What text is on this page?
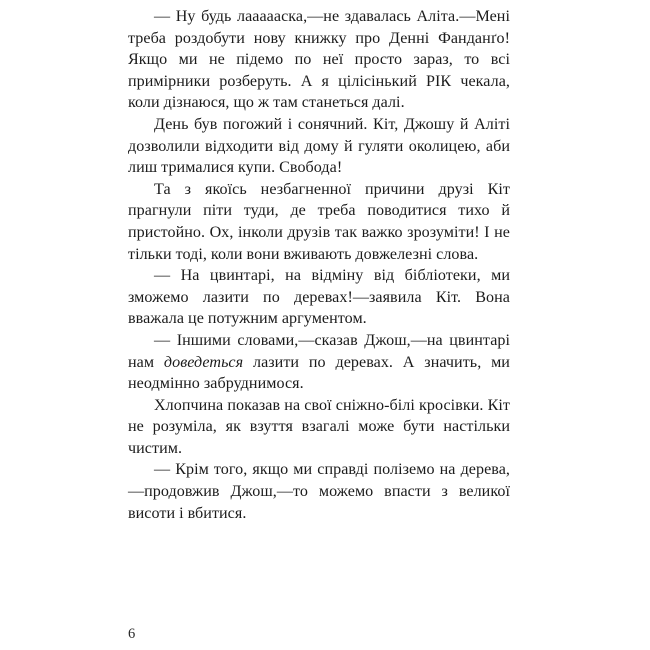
— Ну будь лаааааска,—не здавалась Аліта.—Мені треба роздобути нову книжку про Денні Фанданґо! Якщо ми не підемо по неї просто зараз, то всі примірники розберуть. А я цілісінький РІК чекала, коли дізнаюся, що ж там станеться далі.

День був погожий і сонячний. Кіт, Джошу й Аліті дозволили відходити від дому й гуляти околицею, аби лиш трималися купи. Свобода!

Та з якоїсь незбагненної причини друзі Кіт прагнули піти туди, де треба поводитися тихо й пристойно. Ох, інколи друзів так важко зрозуміти! І не тільки тоді, коли вони вживають довжелезні слова.

— На цвинтарі, на відміну від бібліотеки, ми зможемо лазити по деревах!—заявила Кіт. Вона вважала це потужним аргументом.

— Іншими словами,—сказав Джош,—на цвинтарі нам доведеться лазити по деревах. А значить, ми неодмінно забруднимося.

Хлопчина показав на свої сніжно-білі кросівки. Кіт не розуміла, як взуття взагалі може бути настільки чистим.

— Крім того, якщо ми справді поліземо на дерева,—продовжив Джош,—то можемо впасти з великої висоти і вбитися.

6
